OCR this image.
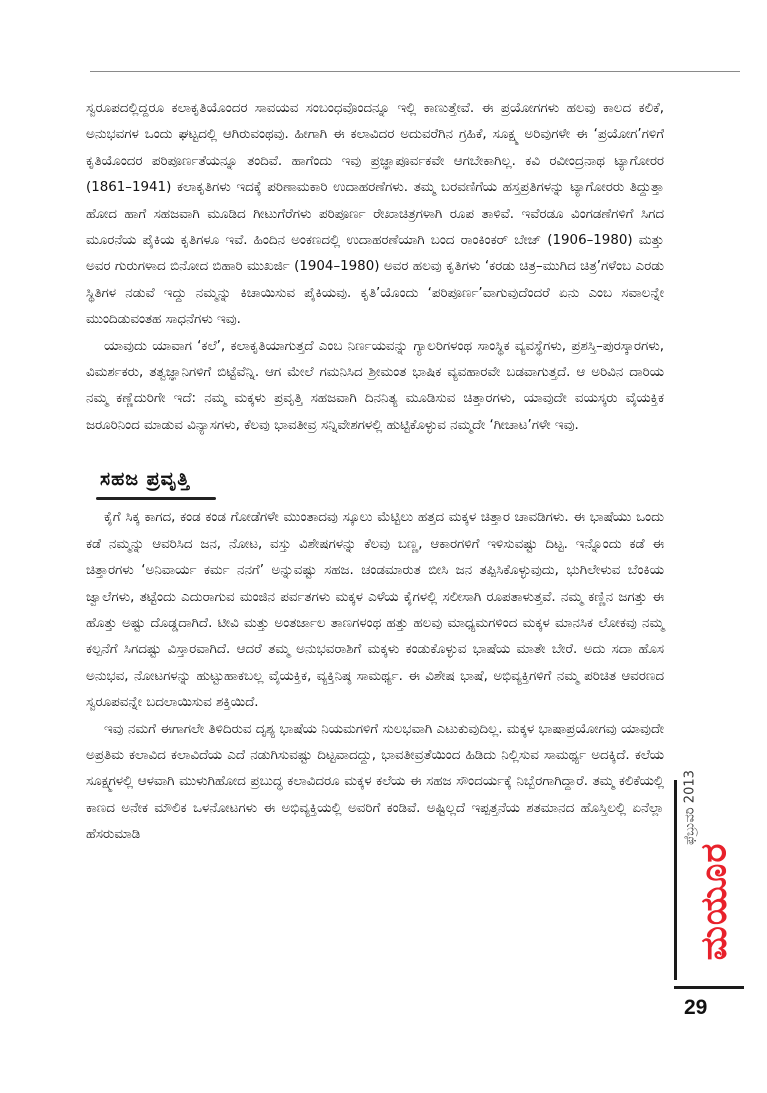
ಸ್ವರೂಪದಲ್ಲಿದ್ದರೂ ಕಲಾಕೃತಿಯೊಂದರ ಸಾವಯವ ಸಂಬಂಧವೊಂದನ್ನೂ ಇಲ್ಲಿ ಕಾಣುತ್ತೇವೆ. ಈ ಪ್ರಯೋಗಗಳು ಹಲವು ಕಾಲದ ಕಲಿಕೆ, ಅನುಭವಗಳ ಒಂದು ಘಟ್ಟದಲ್ಲಿ ಆಗಿರುವಂಥವು. ಹೀಗಾಗಿ ಈ ಕಲಾವಿದರ ಅದುವರೆಗಿನ ಗ್ರಹಿಕೆ, ಸೂಕ್ಷ್ಮ ಅರಿವುಗಳೇ ಈ ‘ಪ್ರಯೋಗ’ಗಳಿಗೆ ಕೃತಿಯೊಂದರ ಪರಿಪೂರ್ಣತೆಯನ್ನೂ ತಂದಿವೆ. ಹಾಗೆಂದು ಇವು ಪ್ರಜ್ಞಾಪೂರ್ವಕವೇ ಆಗಬೇಕಾಗಿಲ್ಲ. ಕವಿ ರವೀಂದ್ರನಾಥ ಟ್ಯಾಗೋರರ (1861–1941) ಕಲಾಕೃತಿಗಳು ಇದಕ್ಕೆ ಪರಿಣಾಮಕಾರಿ ಉದಾಹರಣೆಗಳು. ತಮ್ಮ ಬರವಣಿಗೆಯ ಹಸ್ತಪ್ರತಿಗಳನ್ನು ಟ್ಯಾಗೋರರು ತಿದ್ದುತ್ತಾ ಹೋದ ಹಾಗೆ ಸಹಜವಾಗಿ ಮೂಡಿದ ಗೀಟುಗೆರೆಗಳು ಪರಿಪೂರ್ಣ ರೇಖಾಚಿತ್ರಗಳಾಗಿ ರೂಪ ತಾಳಿವೆ. ಇವೆರಡೂ ವಿಂಗಡಣೆಗಳಿಗೆ ಸಿಗದ ಮೂರನೆಯ ಪೈಕಿಯ ಕೃತಿಗಳೂ ಇವೆ. ಹಿಂದಿನ ಅಂಕಣದಲ್ಲಿ ಉದಾಹರಣೆಯಾಗಿ ಬಂದ ರಾಂಕಿಂಕರ್ ಬೇಜ್ (1906–1980) ಮತ್ತು ಅವರ ಗುರುಗಳಾದ ಬಿನೋದ ಬಿಹಾರಿ ಮುಖರ್ಜಿ (1904–1980) ಅವರ ಹಲವು ಕೃತಿಗಳು ‘ಕರಡು ಚಿತ್ರ–ಮುಗಿದ ಚಿತ್ರ’ಗಳೆಂಬ ಎರಡು ಸ್ಥಿತಿಗಳ ನಡುವೆ ಇದ್ದು ನಮ್ಮನ್ನು ಕಿಚಾಯಿಸುವ ಪೈಕಿಯವು. ಕೃತಿ’ಯೊಂದು ‘ಪರಿಪೂರ್ಣ’ವಾಗುವುದೆಂದರೆ ಏನು ಎಂಬ ಸವಾಲನ್ನೇ ಮುಂದಿಡುವಂತಹ ಸಾಧನೆಗಳು ಇವು.

ಯಾವುದು ಯಾವಾಗ ‘ಕಲೆ’, ಕಲಾಕೃತಿಯಾಗುತ್ತದೆ ಎಂಬ ನಿರ್ಣಯವನ್ನು ಗ್ಯಾಲರಿಗಳಂಥ ಸಾಂಸ್ಥಿಕ ವ್ಯವಸ್ಥೆಗಳು, ಪ್ರಶಸ್ತಿ–ಪುರಸ್ಕಾರಗಳು, ವಿಮರ್ಶಕರು, ತತ್ವಜ್ಞಾನಿಗಳಿಗೆ ಬಿಟ್ಟೆವೆನ್ನಿ. ಆಗ ಮೇಲೆ ಗಮನಿಸಿದ ಶ್ರೀಮಂತ ಭಾಷಿಕ ವ್ಯವಹಾರವೇ ಬಡವಾಗುತ್ತದೆ. ಆ ಅರಿವಿನ ದಾರಿಯ ನಮ್ಮ ಕಣ್ಣೆದುರಿಗೇ ಇದೆ: ನಮ್ಮ ಮಕ್ಕಳು ಪ್ರವೃತ್ತಿ ಸಹಜವಾಗಿ ದಿನನಿತ್ಯ ಮೂಡಿಸುವ ಚಿತ್ತಾರಗಳು, ಯಾವುದೇ ವಯಸ್ಕರು ವೈಯಕ್ತಿಕ ಜರೂರಿನಿಂದ ಮಾಡುವ ವಿನ್ಯಾಸಗಳು, ಕೆಲವು ಭಾವತೀವ್ರ ಸನ್ನಿವೇಶಗಳಲ್ಲಿ ಹುಟ್ಟಿಕೊಳ್ಳುವ ನಮ್ಮದೇ ‘ಗೀಚಾಟ’ಗಳೇ ಇವು.

ಸಹಜ ಪ್ರವೃತ್ತಿ

ಕೈಗೆ ಸಿಕ್ಕ ಕಾಗದ, ಕಂಡ ಕಂಡ ಗೋಡೆಗಳೇ ಮುಂತಾದವು ಸ್ಕೂಲು ಮೆಟ್ಟಿಲು ಹತ್ತದ ಮಕ್ಕಳ ಚಿತ್ತಾರ ಚಾವಡಿಗಳು. ಈ ಭಾಷೆಯು ಒಂದು ಕಡೆ ನಮ್ಮನ್ನು ಆವರಿಸಿದ ಜನ, ನೋಟ, ವಸ್ತು ವಿಶೇಷಗಳನ್ನು ಕೆಲವು ಬಣ್ಣ, ಆಕಾರಗಳಿಗೆ ಇಳಿಸುವಷ್ಟು ದಿಟ್ಟ. ಇನ್ನೊಂದು ಕಡೆ ಈ ಚಿತ್ತಾರಗಳು ‘ಅನಿವಾರ್ಯ ಕರ್ಮ ನನಗೆ’ ಅನ್ನುವಷ್ಟು ಸಹಜ. ಚಂಡಮಾರುತ ಬೀಸಿ ಜನ ತಪ್ಪಿಸಿಕೊಳ್ಳುವುದು, ಭುಗಿಲೇಳುವ ಬೆಂಕಿಯ ಜ್ವಾಲೆಗಳು, ತಟ್ಟೆಂದು ಎದುರಾಗುವ ಮಂಜಿನ ಪರ್ವತಗಳು ಮಕ್ಕಳ ಎಳೆಯ ಕೈಗಳಲ್ಲಿ ಸಲೀಸಾಗಿ ರೂಪತಾಳುತ್ತವೆ. ನಮ್ಮ ಕಣ್ಣಿನ ಜಗತ್ತು ಈ ಹೊತ್ತು ಅಷ್ಟು ದೊಡ್ಡದಾಗಿದೆ. ಟೀವಿ ಮತ್ತು ಅಂತರ್ಜಾಲ ತಾಣಗಳಂಥ ಹತ್ತು ಹಲವು ಮಾಧ್ಯಮಗಳಿಂದ ಮಕ್ಕಳ ಮಾನಸಿಕ ಲೋಕವು ನಮ್ಮ ಕಲ್ಪನೆಗೆ ಸಿಗದಷ್ಟು ವಿಸ್ತಾರವಾಗಿದೆ. ಆದರೆ ತಮ್ಮ ಅನುಭವರಾಶಿಗೆ ಮಕ್ಕಳು ಕಂಡುಕೊಳ್ಳುವ ಭಾಷೆಯ ಮಾತೇ ಬೇರೆ. ಅದು ಸದಾ ಹೊಸ ಅನುಭವ, ನೋಟಗಳನ್ನು ಹುಟ್ಟುಹಾಕಬಲ್ಲ ವೈಯಕ್ತಿಕ, ವ್ಯಕ್ತಿನಿಷ್ಠ ಸಾಮರ್ಥ್ಯ. ಈ ವಿಶೇಷ ಭಾಷೆ, ಅಭಿವ್ಯಕ್ತಿಗಳಿಗೆ ನಮ್ಮ ಪರಿಚಿತ ಆವರಣದ ಸ್ವರೂಪವನ್ನೇ ಬದಲಾಯಿಸುವ ಶಕ್ತಿಯಿದೆ.

ಇವು ನಮಗೆ ಈಗಾಗಲೇ ತಿಳಿದಿರುವ ದೃಶ್ಯ ಭಾಷೆಯ ನಿಯಮಗಳಿಗೆ ಸುಲಭವಾಗಿ ಎಟುಕುವುದಿಲ್ಲ. ಮಕ್ಕಳ ಭಾಷಾಪ್ರಯೋಗವು ಯಾವುದೇ ಅಪ್ರತಿಮ ಕಲಾವಿದ ಕಲಾವಿದೆಯ ಎದೆ ನಡುಗಿಸುವಷ್ಟು ದಿಟ್ಟವಾದದ್ದು, ಭಾವತೀವ್ರತೆಯಿಂದ ಹಿಡಿದು ನಿಲ್ಲಿಸುವ ಸಾಮರ್ಥ್ಯ ಅದಕ್ಕಿದೆ. ಕಲೆಯ ಸೂಕ್ಷ್ಮಗಳಲ್ಲಿ ಆಳವಾಗಿ ಮುಳುಗಿಹೋದ ಪ್ರಬುದ್ಧ ಕಲಾವಿದರೂ ಮಕ್ಕಳ ಕಲೆಯ ಈ ಸಹಜ ಸೌಂದರ್ಯಕ್ಕೆ ನಿಬ್ಬೆರಗಾಗಿದ್ದಾರೆ. ತಮ್ಮ ಕಲಿಕೆಯಲ್ಲಿ ಕಾಣದ ಅನೇಕ ಮೌಲಿಕ ಒಳನೋಟಗಳು ಈ ಅಭಿವ್ಯಕ್ತಿಯಲ್ಲಿ ಅವರಿಗೆ ಕಂಡಿವೆ. ಅಷ್ಟಿಲ್ಲದೆ ಇಪ್ಪತ್ತನೆಯ ಶತಮಾನದ ಹೊಸ್ತಿಲಲ್ಲಿ ಏನೆಲ್ಲಾ ಹೆಸರುಮಾಡಿ

ಮಯೂರ
ಫೆಬ್ರುವರಿ 2013
29
